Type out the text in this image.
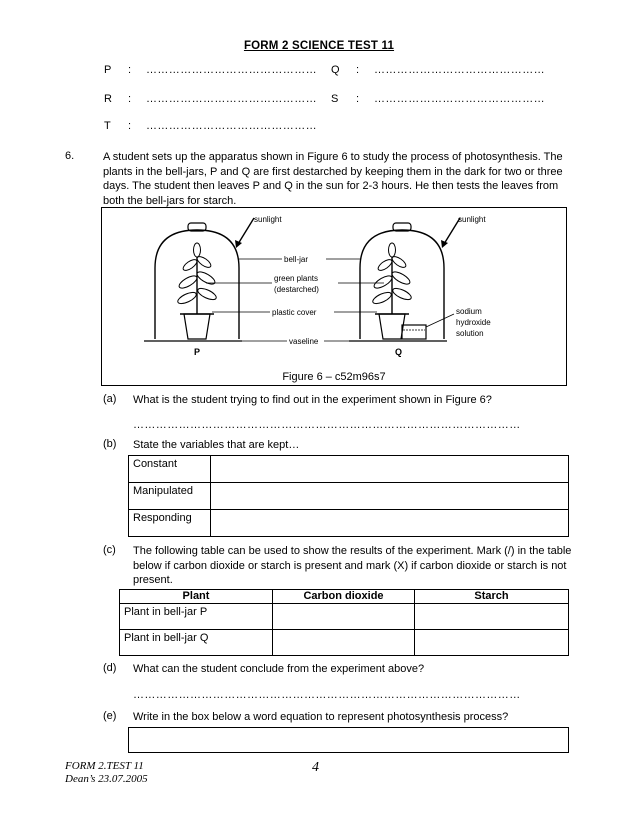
FORM 2 SCIENCE TEST 11
P : ………………………………………	Q : ………………………………………
R : ………………………………………	S : ………………………………………
T : ………………………………………
6.	A student sets up the apparatus shown in Figure 6 to study the process of photosynthesis. The plants in the bell-jars, P and Q are first destarched by keeping them in the dark for two or three days. The student then leaves P and Q in the sun for 2-3 hours. He then tests the leaves from both the bell-jars for starch.
sunlight	sunlight
bell-jar
green plants
(destarched)
plastic cover
vaseline
sodium
hydroxide
solution
P	Q
Figure 6 – c52m96s7
(a) What is the student trying to find out in the experiment shown in Figure 6?
…………………………………………………………………………………………
(b) State the variables that are kept…
Constant	
Manipulated	
Responding	
(c) The following table can be used to show the results of the experiment. Mark (/) in the table below if carbon dioxide or starch is present and mark (X) if carbon dioxide or starch is not present.
Plant	Carbon dioxide	Starch
Plant in bell-jar P		
Plant in bell-jar Q		
(d) What can the student conclude from the experiment above?
…………………………………………………………………………………………
(e) Write in the box below a word equation to represent photosynthesis process?
FORM 2.TEST 11
Dean’s 23.07.2005
4
